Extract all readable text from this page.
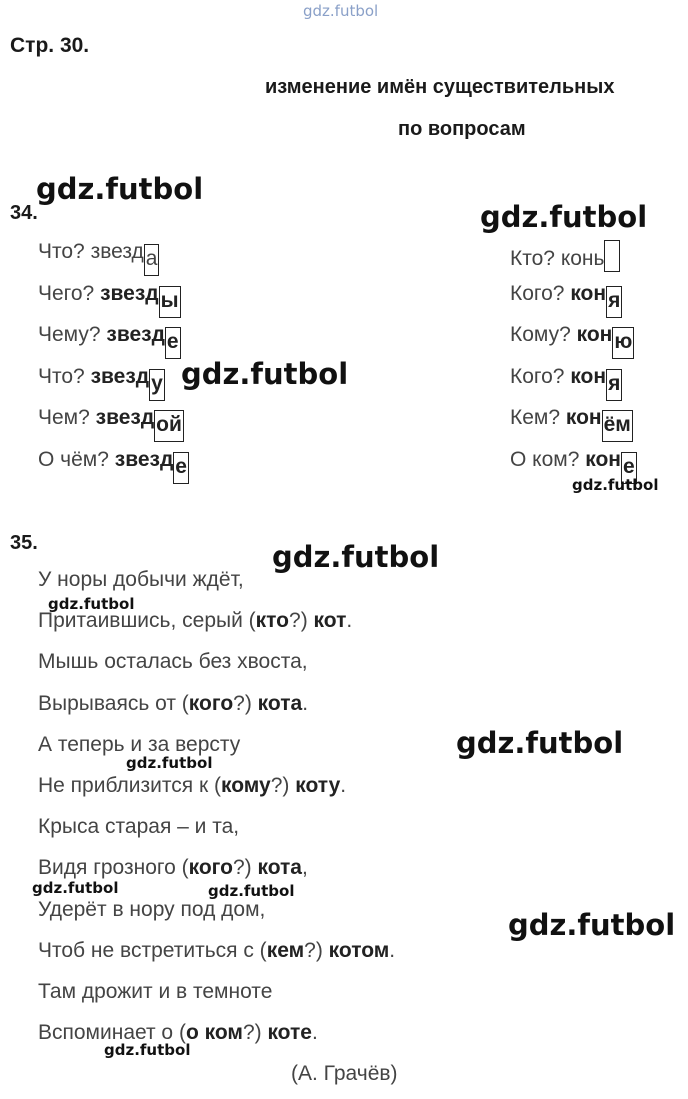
gdz.futbol
Стр. 30.
изменение имён существительных
по вопросам
34.
Что? звезда
Чего? звезды
Чему? звезде
Что? звезду
Чем? звездой
О чём? звезде
Кто? конь
Кого? коня
Кому? коню
Кого? коня
Кем? конём
О ком? коне
35.
У норы добычи ждёт,
Притаившись, серый (кто?) кот.
Мышь осталась без хвоста,
Вырываясь от (кого?) кота.
А теперь и за версту
Не приблизится к (кому?) коту.
Крыса старая – и та,
Видя грозного (кого?) кота,
Удерёт в нору под дом,
Чтоб не встретиться с (кем?) котом.
Там дрожит и в темноте
Вспоминает о (о ком?) коте.
(А. Грачёв)
gdz.futbol
gdz.futbol
gdz.futbol
gdz.futbol
gdz.futbol
gdz.futbol
gdz.futbol
gdz.futbol
gdz.futbol	gdz.futbol
gdz.futbol
gdz.futbol
